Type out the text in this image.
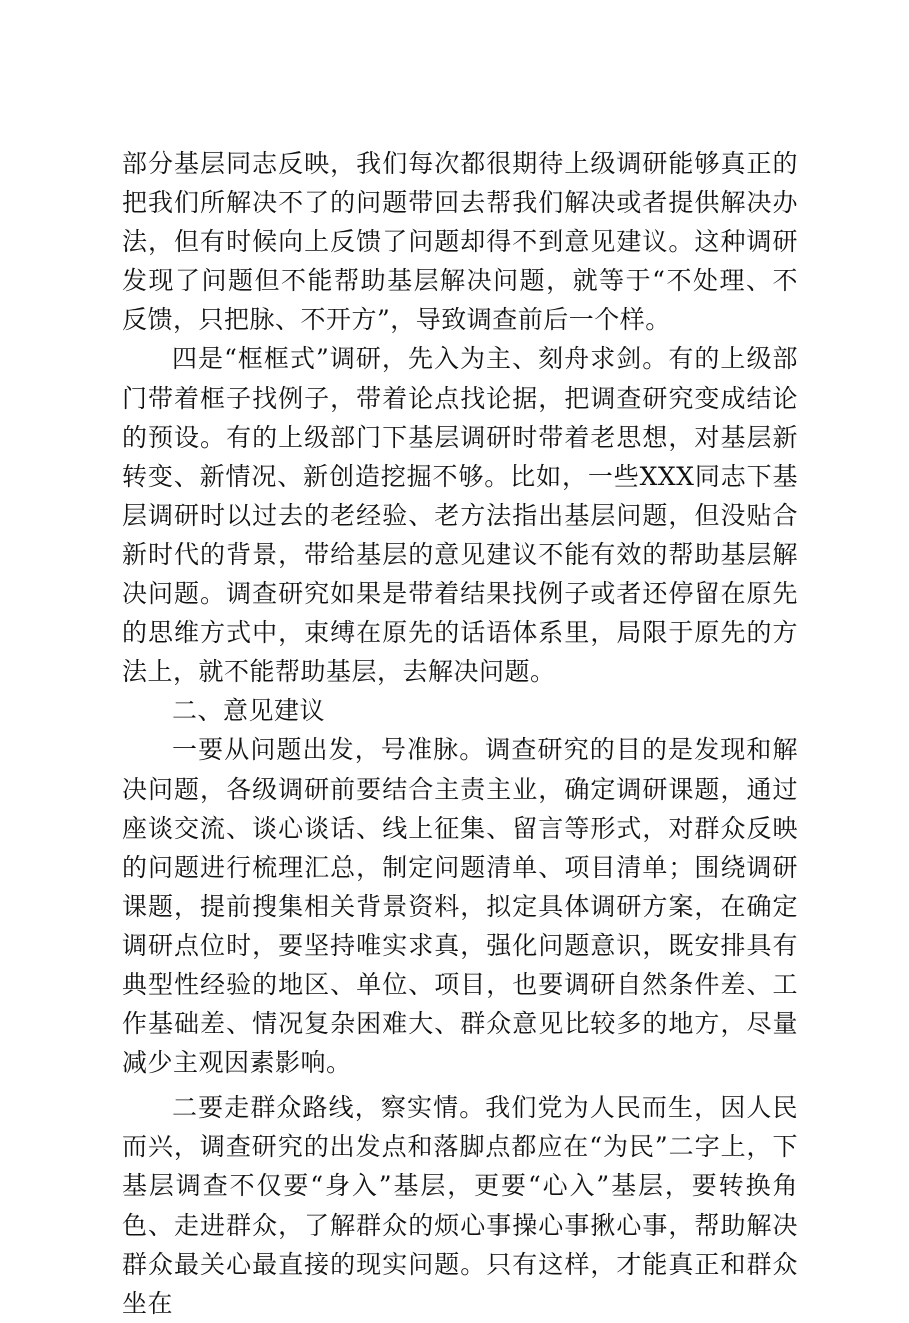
部分基层同志反映，我们每次都很期待上级调研能够真正的把我们所解决不了的问题带回去帮我们解决或者提供解决办法，但有时候向上反馈了问题却得不到意见建议。这种调研发现了问题但不能帮助基层解决问题，就等于“不处理、不反馈，只把脉、不开方”，导致调查前后一个样。

四是“框框式”调研，先入为主、刻舟求剑。有的上级部门带着框子找例子，带着论点找论据，把调查研究变成结论的预设。有的上级部门下基层调研时带着老思想，对基层新转变、新情况、新创造挖掘不够。比如，一些XXX同志下基层调研时以过去的老经验、老方法指出基层问题，但没贴合新时代的背景，带给基层的意见建议不能有效的帮助基层解决问题。调查研究如果是带着结果找例子或者还停留在原先的思维方式中，束缚在原先的话语体系里，局限于原先的方法上，就不能帮助基层，去解决问题。

二、意见建议

一要从问题出发，号准脉。调查研究的目的是发现和解决问题，各级调研前要结合主责主业，确定调研课题，通过座谈交流、谈心谈话、线上征集、留言等形式，对群众反映的问题进行梳理汇总，制定问题清单、项目清单；围绕调研课题，提前搜集相关背景资料，拟定具体调研方案，在确定调研点位时，要坚持唯实求真，强化问题意识，既安排具有典型性经验的地区、单位、项目，也要调研自然条件差、工作基础差、情况复杂困难大、群众意见比较多的地方，尽量减少主观因素影响。

二要走群众路线，察实情。我们党为人民而生，因人民而兴，调查研究的出发点和落脚点都应在“为民”二字上，下基层调查不仅要“身入”基层，更要“心入”基层，要转换角色、走进群众，了解群众的烦心事操心事揪心事，帮助解决群众最关心最直接的现实问题。只有这样，才能真正和群众坐在
